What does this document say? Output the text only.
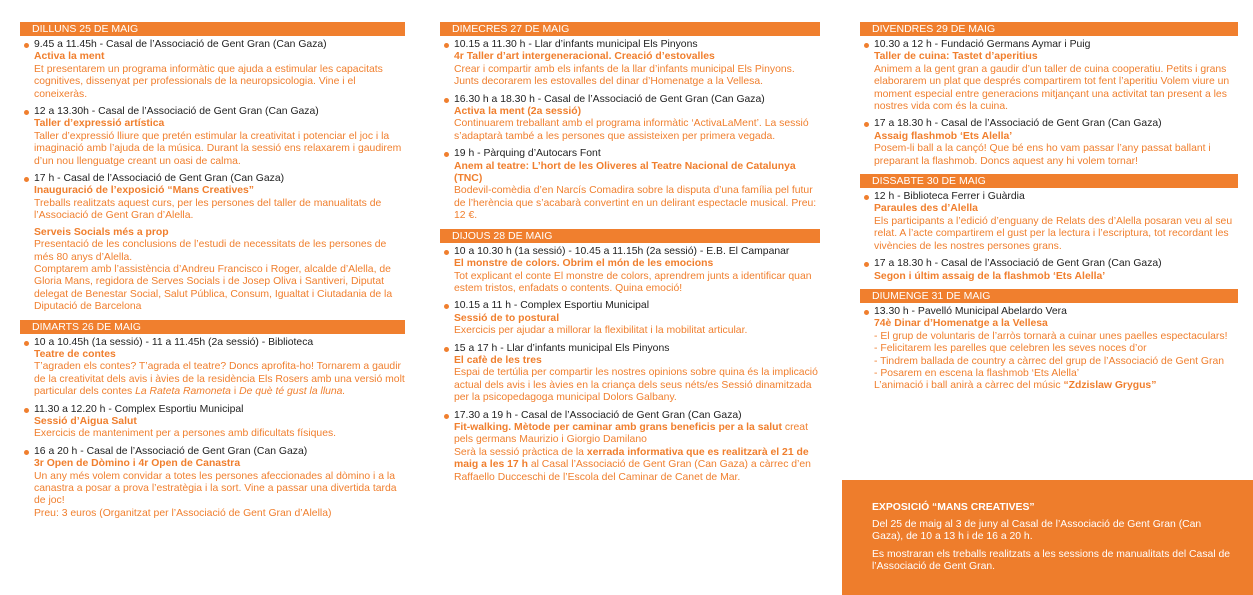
DILLUNS 25 DE MAIG
9.45 a 11.45h - Casal de l’Associació de Gent Gran (Can Gaza)
Activa la ment
Et presentarem un programa informàtic que ajuda a estimular les capacitats cognitives, dissenyat per professionals de la neuropsicologia. Vine i el coneixeràs.
12 a 13.30h - Casal de l’Associació de Gent Gran (Can Gaza)
Taller d’expressió artística
Taller d’expressió lliure que pretén estimular la creativitat i potenciar el joc i la imaginació amb l’ajuda de la música. Durant la sessió ens relaxarem i gaudirem d’un nou llenguatge creant un oasi de calma.
17 h - Casal de l’Associació de Gent Gran (Can Gaza)
Inauguració de l’exposició “Mans Creatives”
Treballs realitzats aquest curs, per les persones del taller de manualitats de l’Associació de Gent Gran d’Alella.
Serveis Socials més a prop
Presentació de les conclusions de l’estudi de necessitats de les persones de més 80 anys d’Alella.
Comptarem amb l’assistència d’Andreu Francisco i Roger, alcalde d’Alella, de Gloria Mans, regidora de Serves Socials i de Josep Oliva i Santiveri, Diputat delegat de Benestar Social, Salut Pública, Consum, Igualtat i Ciutadania de la Diputació de Barcelona
DIMARTS 26 DE MAIG
10 a 10.45h (1a sessió) - 11 a 11.45h (2a sessió) - Biblioteca
Teatre de contes
T’agraden els contes? T’agrada el teatre? Doncs aprofita-ho! Tornarem a gaudir de la creativitat dels avis i àvies de la residència Els Rosers amb una versió molt particular dels contes La Rateta Ramoneta i De què té gust la lluna.
11.30 a 12.20 h - Complex Esportiu Municipal
Sessió d’Aigua Salut
Exercicis de manteniment per a persones amb dificultats físiques.
16 a 20 h - Casal de l’Associació de Gent Gran (Can Gaza)
3r Open de Dòmino i 4r Open de Canastra
Un any més volem convidar a totes les persones afeccionades al dòmino i a la canastra a posar a prova l’estratègia i la sort. Vine a passar una divertida tarda de joc!
Preu: 3 euros (Organitzat per l’Associació de Gent Gran d’Alella)
DIMECRES 27 DE MAIG
10.15 a 11.30 h - Llar d’infants municipal Els Pinyons
4r Taller d’art intergeneracional. Creació d’estovalles
Crear i compartir amb els infants de la llar d’infants municipal Els Pinyons. Junts decorarem les estovalles del dinar d’Homenatge a la Vellesa.
16.30 h a 18.30 h - Casal de l’Associació de Gent Gran (Can Gaza)
Activa la ment (2a sessió)
Continuarem treballant amb el programa informàtic ‘ActivaLaMent’. La sessió s’adaptarà també a les persones que assisteixen per primera vegada.
19 h - Pàrquing d’Autocars Font
Anem al teatre: L’hort de les Oliveres al Teatre Nacional de Catalunya (TNC)
Bodevil-comèdia d’en Narcís Comadira sobre la disputa d’una família pel futur de l’herència que s’acabarà convertint en un delirant espectacle musical. Preu: 12 €.
DIJOUS 28 DE MAIG
10 a 10.30 h (1a sessió) - 10.45 a 11.15h (2a sessió) - E.B. El Campanar
El monstre de colors. Obrim el món de les emocions
Tot explicant el conte El monstre de colors, aprendrem junts a identificar quan estem tristos, enfadats o contents. Quina emoció!
10.15 a 11 h - Complex Esportiu Municipal
Sessió de to postural
Exercicis per ajudar a millorar la flexibilitat i la mobilitat articular.
15 a 17 h - Llar d’infants municipal Els Pinyons
El cafè de les tres
Espai de tertúlia per compartir les nostres opinions sobre quina és la implicació actual dels avis i les àvies en la criança dels seus néts/es Sessió dinamitzada per la psicopedagoga municipal Dolors Galbany.
17.30 a 19 h - Casal de l’Associació de Gent Gran (Can Gaza)
Fit-walking. Mètode per caminar amb grans beneficis per a la salut creat pels germans Maurizio i Giorgio Damilano
Serà la sessió pràctica de la xerrada informativa que es realitzarà el 21 de maig a les 17 h al Casal l’Associació de Gent Gran (Can Gaza) a càrrec d’en Raffaello Ducceschi de l’Escola del Caminar de Canet de Mar.
DIVENDRES 29 DE MAIG
10.30 a 12 h - Fundació Germans Aymar i Puig
Taller de cuina: Tastet d’aperitius
Animem a la gent gran a gaudir d’un taller de cuina cooperatiu. Petits i grans elaborarem un plat que després compartirem tot fent l’aperitiu Volem viure un moment especial entre generacions mitjançant una activitat tan present a les nostres vida com és la cuina.
17 a 18.30 h - Casal de l’Associació de Gent Gran (Can Gaza)
Assaig flashmob ‘Ets Alella’
Posem-li ball a la cançó! Que bé ens ho vam passar l’any passat ballant i preparant la flashmob. Doncs aquest any hi volem tornar!
DISSABTE 30 DE MAIG
12 h - Biblioteca Ferrer i Guàrdia
Paraules des d’Alella
Els participants a l’edició d’enguany de Relats des d’Alella posaran veu al seu relat. A l’acte compartirem el gust per la lectura i l’escriptura, tot recordant les vivències de les nostres persones grans.
17 a 18.30 h - Casal de l’Associació de Gent Gran (Can Gaza)
Segon i últim assaig de la flashmob ‘Ets Alella’
DIUMENGE 31 DE MAIG
13.30 h - Pavelló Municipal Abelardo Vera
74è Dinar d’Homenatge a la Vellesa
- El grup de voluntaris de l’arròs tornarà a cuinar unes paelles espectaculars!
- Felicitarem les parelles que celebren les seves noces d’or
- Tindrem ballada de country a càrrec del grup de l’Associació de Gent Gran
- Posarem en escena la flashmob ‘Ets Alella’
L’animació i ball anirà a càrrec del músic “Zdzislaw Grygus”
EXPOSICIÓ “MANS CREATIVES”

Del 25 de maig al 3 de juny al Casal de l’Associació de Gent Gran (Can Gaza), de 10 a 13 h i de 16 a 20 h.

Es mostraran els treballs realitzats a les sessions de manualitats del Casal de l’Associació de Gent Gran.
